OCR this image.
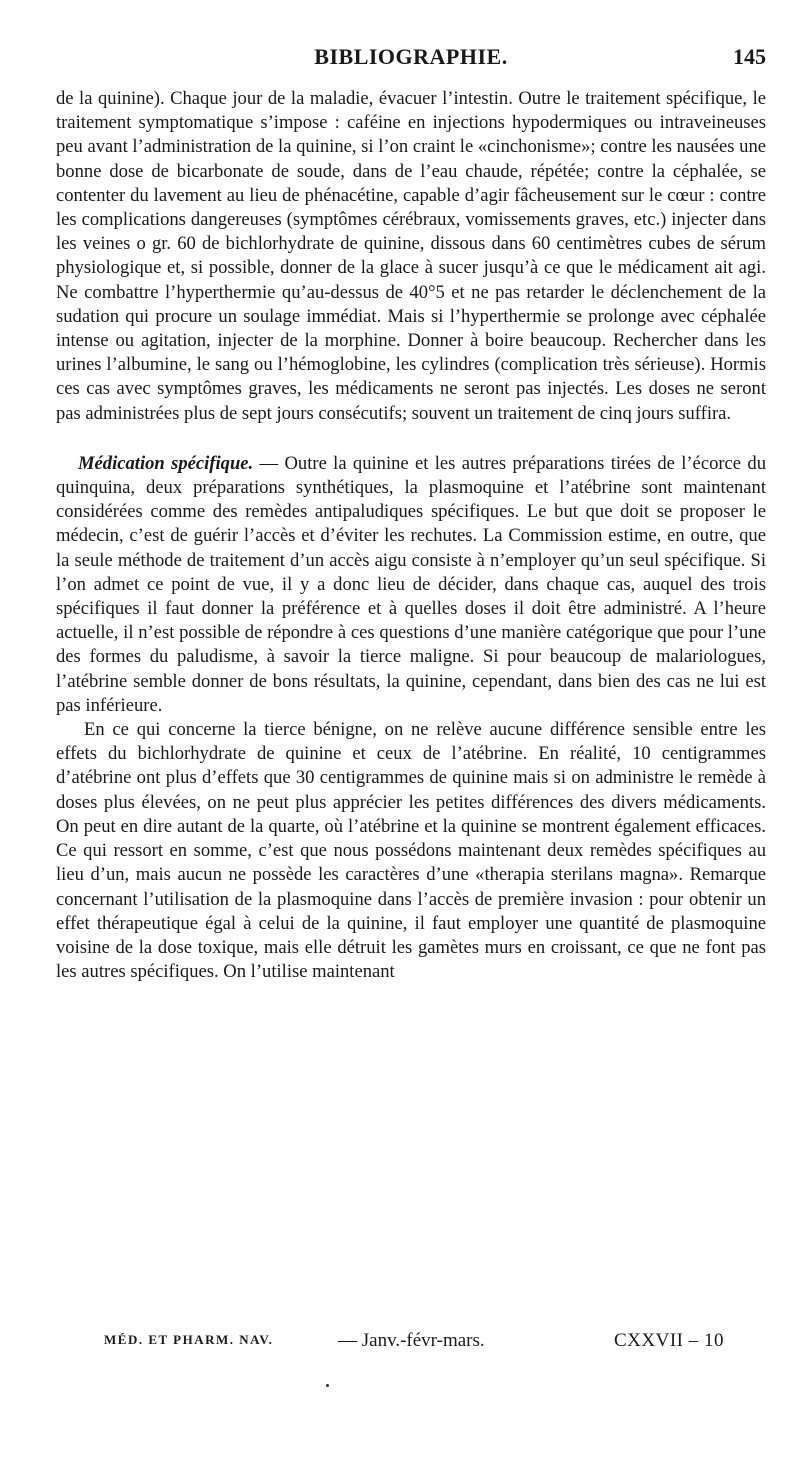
BIBLIOGRAPHIE.	145

de la quinine). Chaque jour de la maladie, évacuer l’intestin. Outre le traitement spécifique, le traitement symptomatique s’impose : caféine en injections hypodermiques ou intraveineuses peu avant l’administration de la quinine, si l’on craint le «cinchonisme»; contre les nausées une bonne dose de bicarbonate de soude, dans de l’eau chaude, répétée; contre la céphalée, se contenter du lavement au lieu de phénacétine, capable d’agir fâcheusement sur le cœur : contre les complications dangereuses (symptômes cérébraux, vomissements graves, etc.) injecter dans les veines o gr. 60 de bichlorhydrate de quinine, dissous dans 60 centimètres cubes de sérum physiologique et, si possible, donner de la glace à sucer jusqu’à ce que le médicament ait agi. Ne combattre l’hyperthermie qu’au-dessus de 40°5 et ne pas retarder le déclenchement de la sudation qui procure un soulage immédiat. Mais si l’hyperthermie se prolonge avec céphalée intense ou agitation, injecter de la morphine. Donner à boire beaucoup. Rechercher dans les urines l’albumine, le sang ou l’hémoglobine, les cylindres (complication très sérieuse). Hormis ces cas avec symptômes graves, les médicaments ne seront pas injectés. Les doses ne seront pas administrées plus de sept jours consécutifs; souvent un traitement de cinq jours suffira.

Médication spécifique. — Outre la quinine et les autres préparations tirées de l’écorce du quinquina, deux préparations synthétiques, la plasmoquine et l’atébrine sont maintenant considérées comme des remèdes antipaludiques spécifiques. Le but que doit se proposer le médecin, c’est de guérir l’accès et d’éviter les rechutes. La Commission estime, en outre, que la seule méthode de traitement d’un accès aigu consiste à n’employer qu’un seul spécifique. Si l’on admet ce point de vue, il y a donc lieu de décider, dans chaque cas, auquel des trois spécifiques il faut donner la préférence et à quelles doses il doit être administré. A l’heure actuelle, il n’est possible de répondre à ces questions d’une manière catégorique que pour l’une des formes du paludisme, à savoir la tierce maligne. Si pour beaucoup de malariologues, l’atébrine semble donner de bons résultats, la quinine, cependant, dans bien des cas ne lui est pas inférieure.

En ce qui concerne la tierce bénigne, on ne relève aucune différence sensible entre les effets du bichlorhydrate de quinine et ceux de l’atébrine. En réalité, 10 centigrammes d’atébrine ont plus d’effets que 30 centigrammes de quinine mais si on administre le remède à doses plus élevées, on ne peut plus apprécier les petites différences des divers médicaments. On peut en dire autant de la quarte, où l’atébrine et la quinine se montrent également efficaces. Ce qui ressort en somme, c’est que nous possédons maintenant deux remèdes spécifiques au lieu d’un, mais aucun ne possède les caractères d’une «therapia sterilans magna». Remarque concernant l’utilisation de la plasmoquine dans l’accès de première invasion : pour obtenir un effet thérapeutique égal à celui de la quinine, il faut employer une quantité de plasmoquine voisine de la dose toxique, mais elle détruit les gamètes murs en croissant, ce que ne font pas les autres spécifiques. On l’utilise maintenant

MÉD. ET PHARM. NAV.	— Janv.-févr-mars.	CXXVII – 10
